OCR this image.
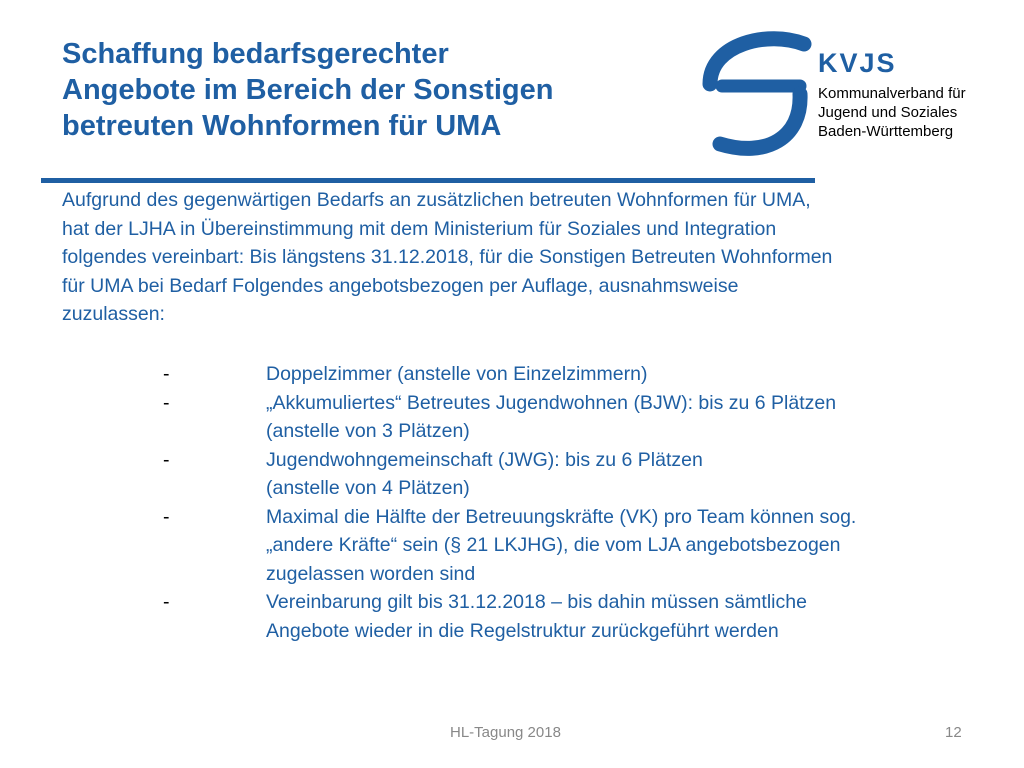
Schaffung bedarfsgerechter
Angebote im Bereich der Sonstigen
betreuten Wohnformen für UMA
KVJS
Kommunalverband für
Jugend und Soziales
Baden-Württemberg

Aufgrund des gegenwärtigen Bedarfs an zusätzlichen betreuten Wohnformen für UMA,
hat der LJHA in Übereinstimmung mit dem Ministerium für Soziales und Integration
folgendes vereinbart: Bis längstens 31.12.2018, für die Sonstigen Betreuten Wohnformen
für UMA bei Bedarf Folgendes angebotsbezogen per Auflage, ausnahmsweise
zuzulassen:

-	Doppelzimmer (anstelle von Einzelzimmern)
-	„Akkumuliertes“ Betreutes Jugendwohnen (BJW): bis zu 6 Plätzen
(anstelle von 3 Plätzen)
-	Jugendwohngemeinschaft (JWG): bis zu 6 Plätzen
(anstelle von 4 Plätzen)
-	Maximal die Hälfte der Betreuungskräfte (VK) pro Team können sog.
„andere Kräfte“ sein (§ 21 LKJHG), die vom LJA angebotsbezogen
zugelassen worden sind
-	Vereinbarung gilt bis 31.12.2018 – bis dahin müssen sämtliche
Angebote wieder in die Regelstruktur zurückgeführt werden
HL-Tagung 2018	12
